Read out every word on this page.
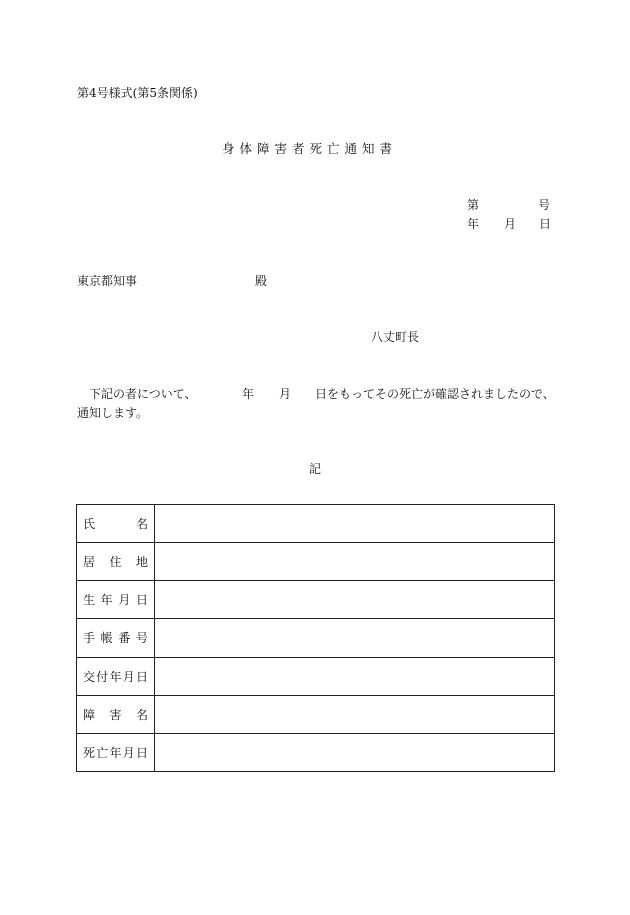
第4号様式(第5条関係)
身体障害者死亡通知書
第	号
年 月 日
東京都知事	殿
八丈町長
下記の者について、	年 月 日をもってその死亡が確認されましたので、
通知します。
記
氏 名	

居 住 地	

生 年 月 日	

手 帳 番 号	

交 付 年 月 日	

障 害 名	

死 亡 年 月 日	
